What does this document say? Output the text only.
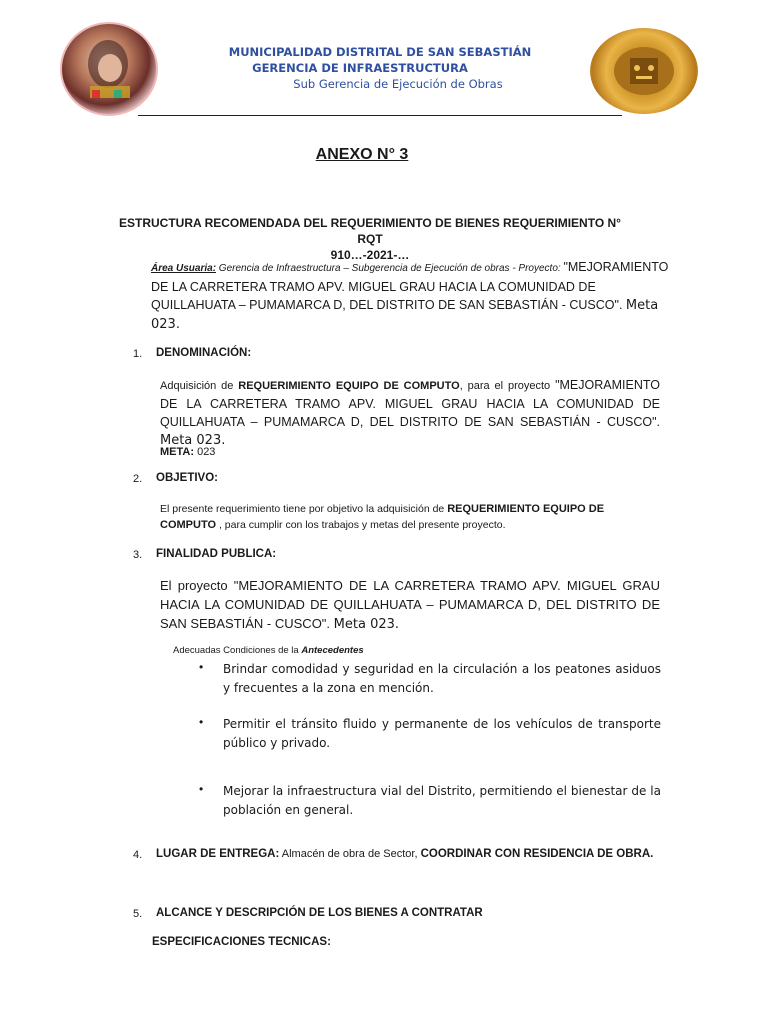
MUNICIPALIDAD DISTRITAL DE SAN SEBASTIÁN
GERENCIA DE INFRAESTRUCTURA
Sub Gerencia de Ejecución de Obras
ANEXO N° 3
ESTRUCTURA RECOMENDADA DEL REQUERIMIENTO DE BIENES REQUERIMIENTO N° RQT
910…-2021-…
Área Usuaria: Gerencia de Infraestructura – Subgerencia de Ejecución de obras - Proyecto: "MEJORAMIENTO DE LA CARRETERA TRAMO APV. MIGUEL GRAU HACIA LA COMUNIDAD DE QUILLAHUATA – PUMAMARCA D, DEL DISTRITO DE SAN SEBASTIÁN - CUSCO". Meta 023.
1. DENOMINACIÓN:
Adquisición de REQUERIMIENTO EQUIPO DE COMPUTO, para el proyecto "MEJORAMIENTO DE LA CARRETERA TRAMO APV. MIGUEL GRAU HACIA LA COMUNIDAD DE QUILLAHUATA – PUMAMARCA D, DEL DISTRITO DE SAN SEBASTIÁN - CUSCO". Meta 023.
META: 023
2. OBJETIVO:
El presente requerimiento tiene por objetivo la adquisición de REQUERIMIENTO EQUIPO DE COMPUTO , para cumplir con los trabajos y metas del presente proyecto.
3. FINALIDAD PUBLICA:
El proyecto "MEJORAMIENTO DE LA CARRETERA TRAMO APV. MIGUEL GRAU HACIA LA COMUNIDAD DE QUILLAHUATA – PUMAMARCA D, DEL DISTRITO DE SAN SEBASTIÁN - CUSCO". Meta 023.
Adecuadas Condiciones de la Antecedentes
• Brindar comodidad y seguridad en la circulación a los peatones asiduos y frecuentes a la zona en mención.
• Permitir el tránsito fluido y permanente de los vehículos de transporte público y privado.
• Mejorar la infraestructura vial del Distrito, permitiendo el bienestar de la población en general.
4. LUGAR DE ENTREGA: Almacén de obra de Sector, COORDINAR CON RESIDENCIA DE OBRA.
5. ALCANCE Y DESCRIPCIÓN DE LOS BIENES A CONTRATAR
ESPECIFICACIONES TECNICAS:
